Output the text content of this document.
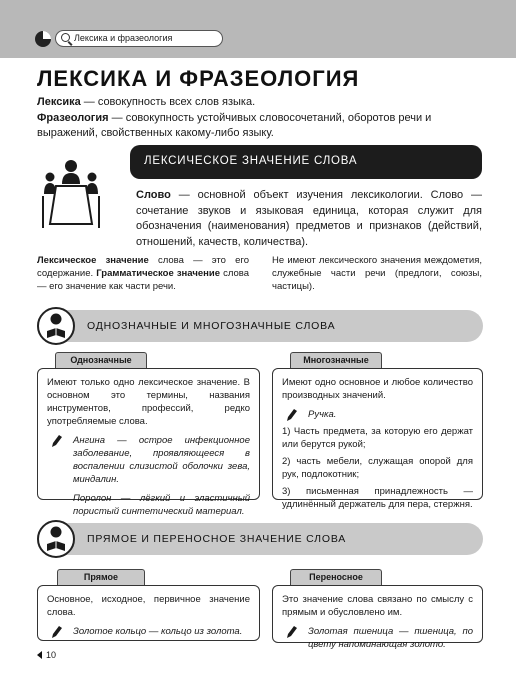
Лексика и фразеология
ЛЕКСИКА И ФРАЗЕОЛОГИЯ
Лексика — совокупность всех слов языка.
Фразеология — совокупность устойчивых словосочетаний, оборотов речи и выражений, свойственных какому-либо языку.
ЛЕКСИЧЕСКОЕ ЗНАЧЕНИЕ СЛОВА
Слово — основной объект изучения лексикологии. Слово — сочетание звуков и языковая единица, которая служит для обозначения (наименования) предметов и признаков (действий, отношений, качеств, количества).
Лексическое значение слова — это его содержание. Грамматическое значение слова — его значение как части речи.
Не имеют лексического значения междометия, служебные части речи (предлоги, союзы, частицы).
ОДНОЗНАЧНЫЕ И МНОГОЗНАЧНЫЕ СЛОВА
Однозначные

Имеют только одно лексическое значение. В основном это термины, названия инструментов, профессий, редко употребляемые слова.

Ангина — острое инфекционное заболевание, проявляющееся в воспалении слизистой оболочки зева, миндалин.
Поролон — лёгкий и эластичный пористый синтетический материал.
Многозначные

Имеют одно основное и любое количество производных значений.

Ручка.
1) Часть предмета, за которую его держат или берутся рукой;
2) часть мебели, служащая опорой для рук, подлокотник;
3) письменная принадлежность — удлинённый держатель для пера, стержня.
ПРЯМОЕ И ПЕРЕНОСНОЕ ЗНАЧЕНИЕ СЛОВА
Прямое

Основное, исходное, первичное значение слова.

Золотое кольцо — кольцо из золота.
Переносное

Это значение слова связано по смыслу с прямым и обусловлено им.

Золотая пшеница — пшеница, по цвету напоминающая золото.
10
